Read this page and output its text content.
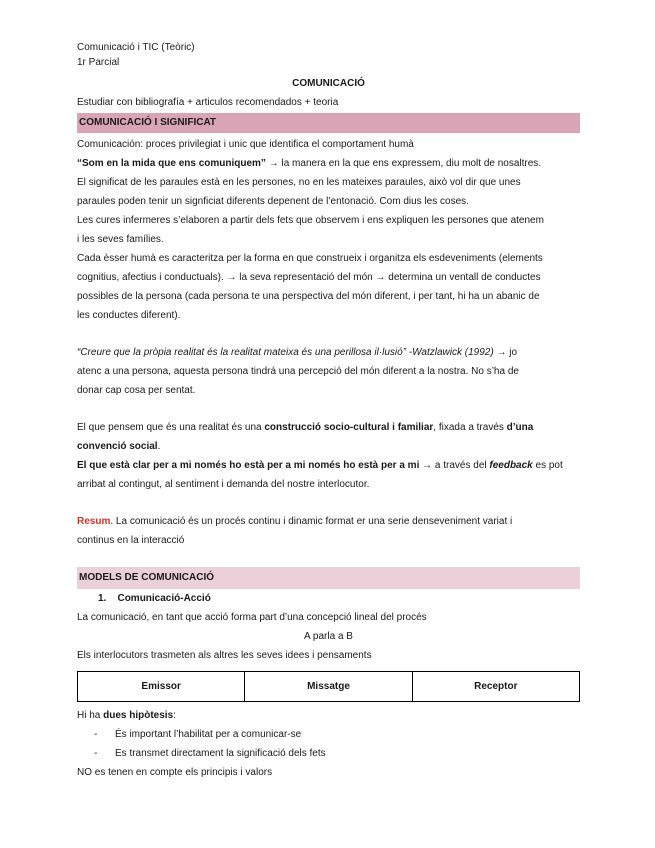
Comunicació i TIC (Teòric)

1r Parcial

COMUNICACIÓ

Estudiar con bibliografía + articulos recomendados + teoria

COMUNICACIÓ I SIGNIFICAT

Comunicación: proces privilegiat i unic que identifica el comportament humà

“Som en la mida que ens comuniquem” → la manera en la que ens expressem, diu molt de nosaltres.

El significat de les paraules està en les persones, no en les mateixes paraules, això vol dir que unes

paraules poden tenir un signficiat diferents depenent de l’entonació. Com dius les coses.

Les cures infermeres s’elaboren a partir dels fets que observem i ens expliquen les persones que atenem

i les seves famílies.

Cada èsser humà es caracteritza per la forma en que construeix i organitza els esdeveniments (elements

cognitius, afectius i conductuals). → la seva representació del món → determina un ventall de conductes

possibles de la persona (cada persona te una perspectiva del món diferent, i per tant, hi ha un abanic de

les conductes diferent).

“Creure que la pròpia realitat és la realitat mateixa és una perillosa il·lusió” -Watzlawick (1992) → jo

atenc a una persona, aquesta persona tindrá una percepció del món diferent a la nostra. No s’ha de

donar cap cosa per sentat.

El que pensem que és una realitat és una construcció socio-cultural i familiar, fixada a través d’una

convenció social.

El que està clar per a mi només ho està per a mi només ho està per a mi → a través del feedback es pot

arribat al contingut, al sentiment i demanda del nostre interlocutor.

Resum. La comunicació és un procés continu i dinamic format er una serie denseveniment variat i

continus en la interacció

MODELS DE COMUNICACIÓ

1. Comunicació-Acció

La comunicació, en tant que acció forma part d’una concepció lineal del procés

A parla a B

Els interlocutors trasmeten als altres les seves idees i pensaments

Emissor	Missatge	Receptor

Hi ha dues hipòtesis:

- És important l’habilitat per a comunicar-se

- Es transmet directament la significació dels fets

NO es tenen en compte els principis i valors
